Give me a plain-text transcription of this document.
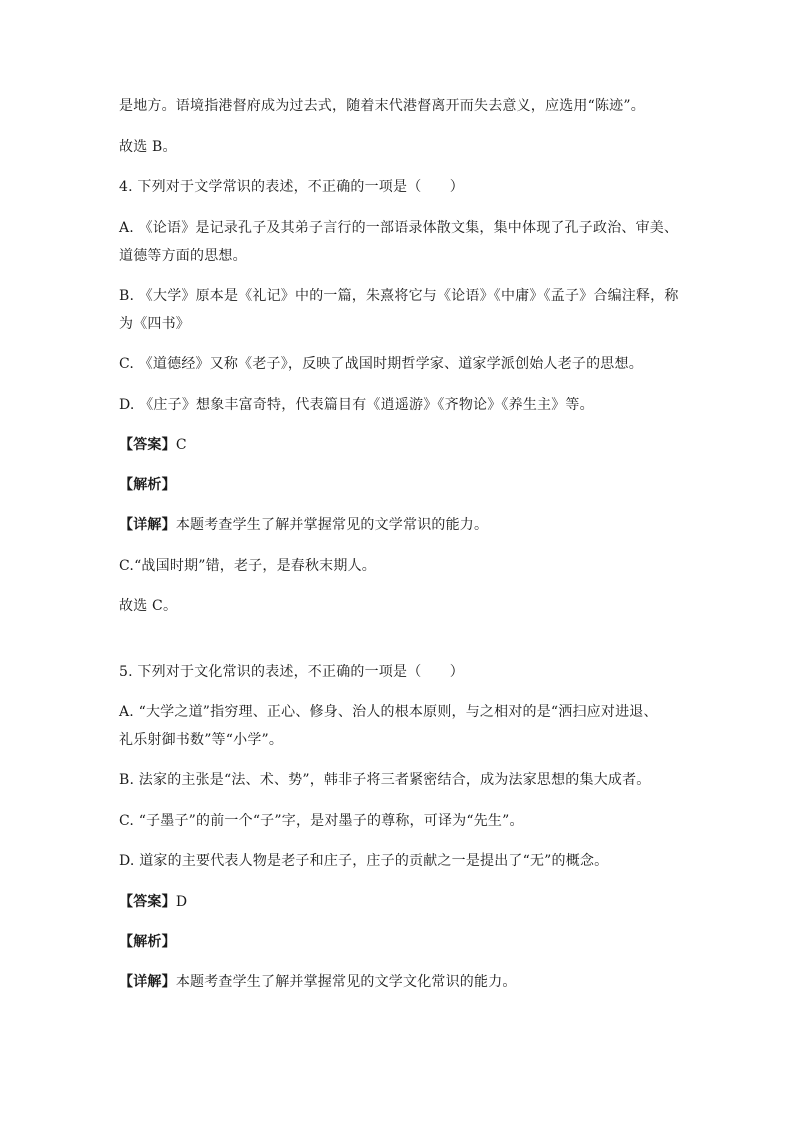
是地方。语境指港督府成为过去式，随着末代港督离开而失去意义，应选用“陈迹”。
故选 B。
4. 下列对于文学常识的表述，不正确的一项是（　　）
A. 《论语》是记录孔子及其弟子言行的一部语录体散文集，集中体现了孔子政治、审美、
道德等方面的思想。
B. 《大学》原本是《礼记》中的一篇，朱熹将它与《论语》《中庸》《孟子》合编注释，称
为《四书》
C. 《道德经》又称《老子》，反映了战国时期哲学家、道家学派创始人老子的思想。
D. 《庄子》想象丰富奇特，代表篇目有《逍遥游》《齐物论》《养生主》等。
【答案】C
【解析】
【详解】本题考查学生了解并掌握常见的文学常识的能力。
C.“战国时期”错，老子，是春秋末期人。
故选 C。
5. 下列对于文化常识的表述，不正确的一项是（　　）
A. “大学之道”指穷理、正心、修身、治人的根本原则，与之相对的是“洒扫应对进退、
礼乐射御书数”等“小学”。
B. 法家的主张是“法、术、势”，韩非子将三者紧密结合，成为法家思想的集大成者。
C. “子墨子”的前一个“子”字，是对墨子的尊称，可译为“先生”。
D. 道家的主要代表人物是老子和庄子，庄子的贡献之一是提出了“无”的概念。
【答案】D
【解析】
【详解】本题考查学生了解并掌握常见的文学文化常识的能力。
